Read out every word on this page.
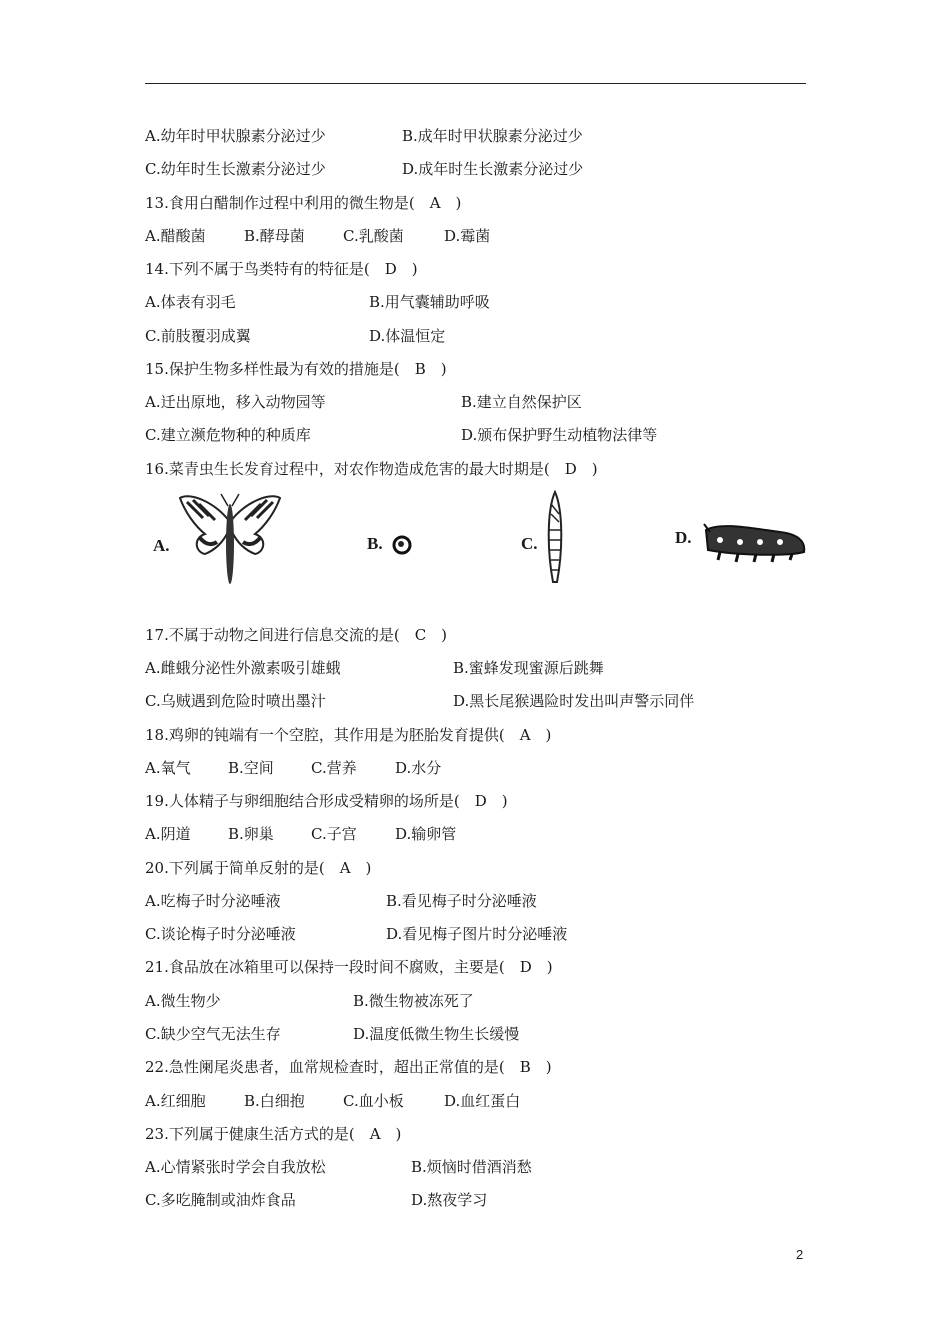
A.幼年时甲状腺素分泌过少	B.成年时甲状腺素分泌过少
C.幼年时生长激素分泌过少	D.成年时生长激素分泌过少
13.食用白醋制作过程中利用的微生物是(　A　)
A.醋酸菌	B.酵母菌	C.乳酸菌	D.霉菌
14.下列不属于鸟类特有的特征是(　D　)
A.体表有羽毛	B.用气囊辅助呼吸
C.前肢覆羽成翼	D.体温恒定
15.保护生物多样性最为有效的措施是(　B　)
A.迁出原地，移入动物园等	B.建立自然保护区
C.建立濒危物种的种质库	D.颁布保护野生动植物法律等
16.菜青虫生长发育过程中，对农作物造成危害的最大时期是(　D　)
A.	B.	C.	D.
17.不属于动物之间进行信息交流的是(　C　)
A.雌蛾分泌性外激素吸引雄蛾	B.蜜蜂发现蜜源后跳舞
C.乌贼遇到危险时喷出墨汁	D.黑长尾猴遇险时发出叫声警示同伴
18.鸡卵的钝端有一个空腔，其作用是为胚胎发育提供(　A　)
A.氧气 B.空间 C.营养	D.水分
19.人体精子与卵细胞结合形成受精卵的场所是(　D　)
A.阴道 B.卵巢 C.子宫	D.输卵管
20.下列属于简单反射的是(　A　)
A.吃梅子时分泌唾液	B.看见梅子时分泌唾液
C.谈论梅子时分泌唾液	D.看见梅子图片时分泌唾液
21.食品放在冰箱里可以保持一段时间不腐败，主要是(　D　)
A.微生物少	B.微生物被冻死了
C.缺少空气无法生存	D.温度低微生物生长缓慢
22.急性阑尾炎患者，血常规检查时，超出正常值的是(　B　)
A.红细胞	B.白细抱	C.血小板	D.血红蛋白
23.下列属于健康生活方式的是(　A　)
A.心情紧张时学会自我放松	B.烦恼时借酒消愁
C.多吃腌制或油炸食品	D.熬夜学习
2
